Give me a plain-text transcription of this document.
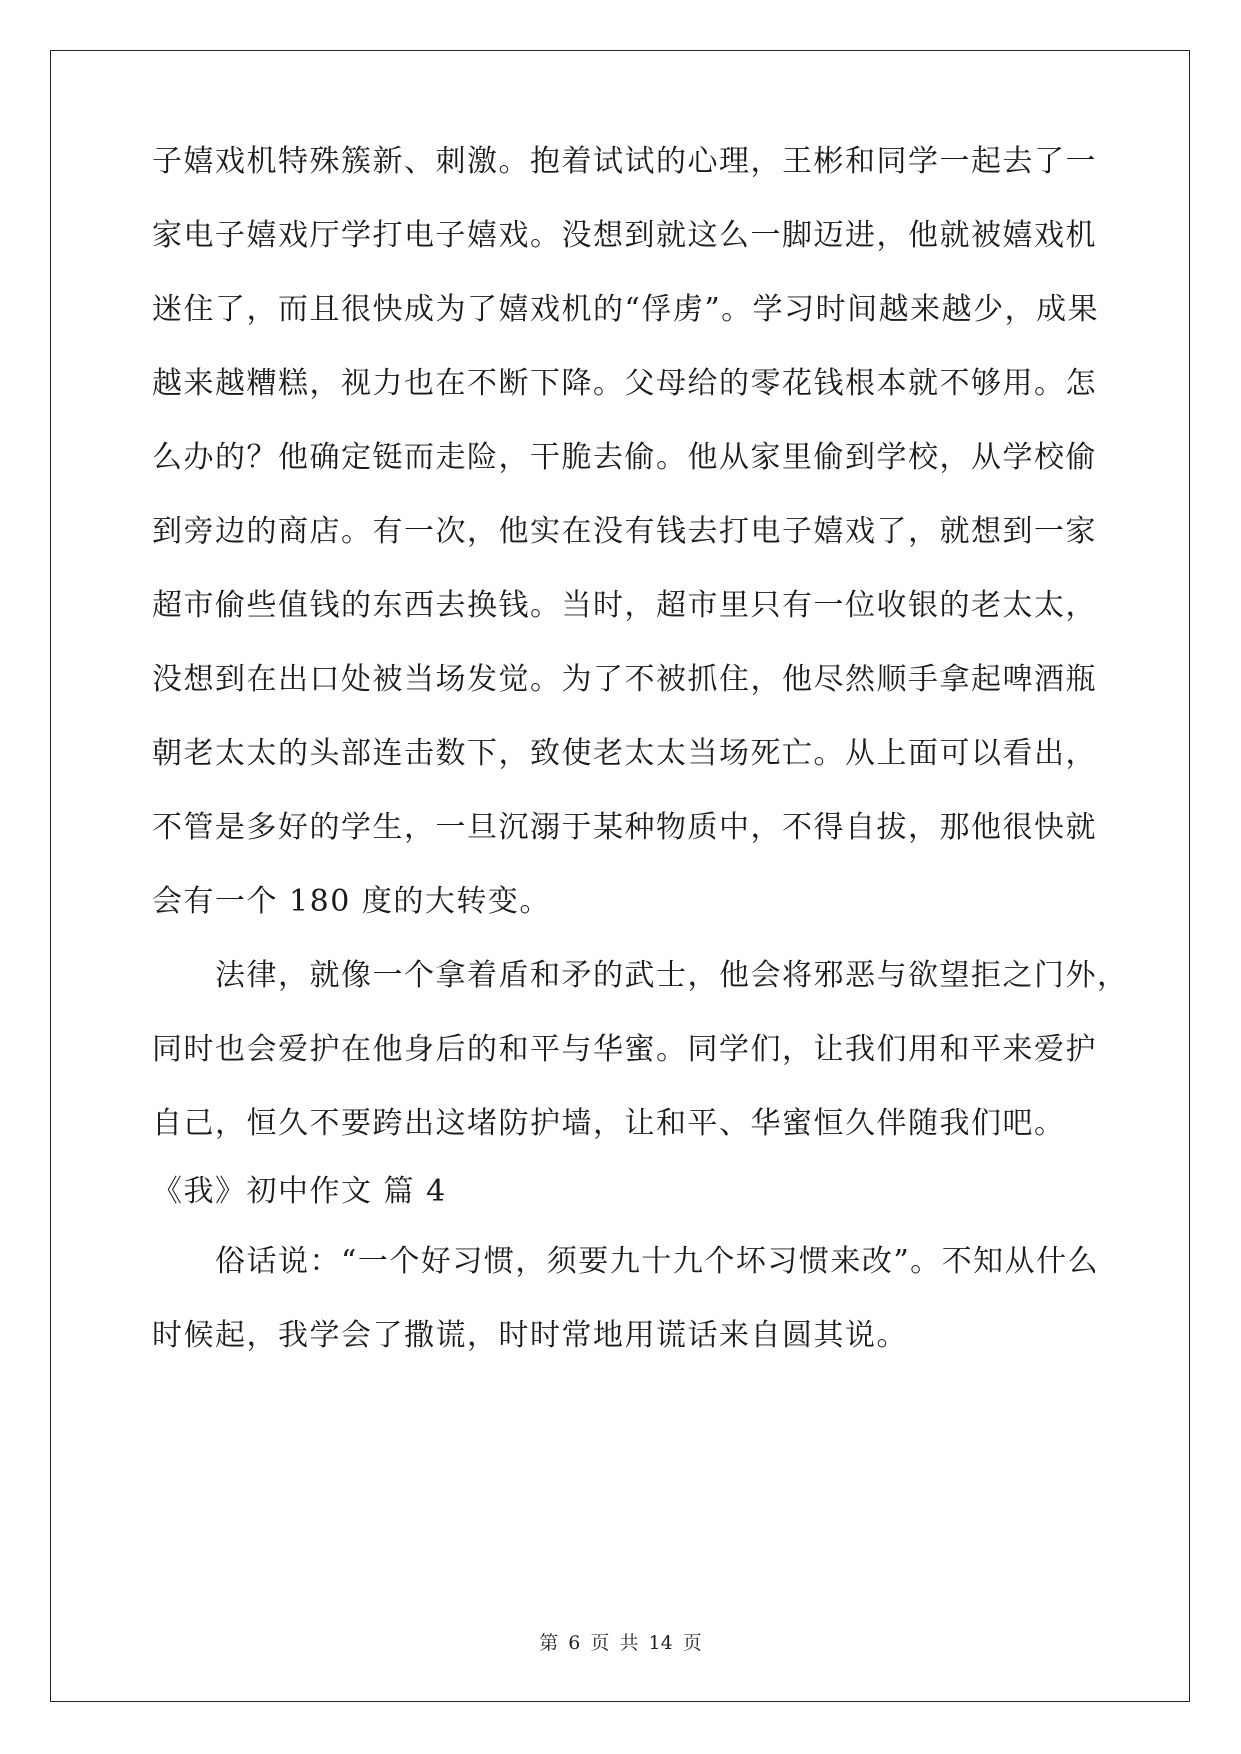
子嬉戏机特殊簇新、刺激。抱着试试的心理，王彬和同学一起去了一
家电子嬉戏厅学打电子嬉戏。没想到就这么一脚迈进，他就被嬉戏机
迷住了，而且很快成为了嬉戏机的“俘虏”。学习时间越来越少，成果
越来越糟糕，视力也在不断下降。父母给的零花钱根本就不够用。怎
么办的？他确定铤而走险，干脆去偷。他从家里偷到学校，从学校偷
到旁边的商店。有一次，他实在没有钱去打电子嬉戏了，就想到一家
超市偷些值钱的东西去换钱。当时，超市里只有一位收银的老太太，
没想到在出口处被当场发觉。为了不被抓住，他尽然顺手拿起啤酒瓶
朝老太太的头部连击数下，致使老太太当场死亡。从上面可以看出，
不管是多好的学生，一旦沉溺于某种物质中，不得自拔，那他很快就
会有一个 180 度的大转变。
法律，就像一个拿着盾和矛的武士，他会将邪恶与欲望拒之门外，
同时也会爱护在他身后的和平与华蜜。同学们，让我们用和平来爱护
自己，恒久不要跨出这堵防护墙，让和平、华蜜恒久伴随我们吧。
《我》初中作文 篇 4
俗话说：“一个好习惯，须要九十九个坏习惯来改”。不知从什么
时候起，我学会了撒谎，时时常地用谎话来自圆其说。
第 6 页 共 14 页
